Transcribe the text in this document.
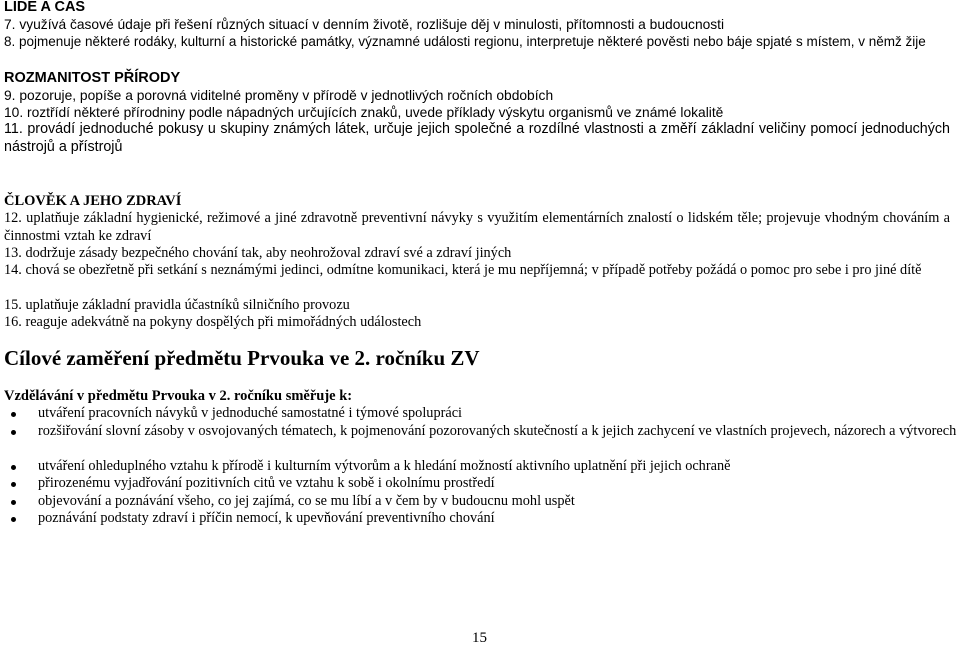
LIDÉ A ČAS
7. využívá časové údaje při řešení různých situací v denním životě, rozlišuje děj v minulosti, přítomnosti a budoucnosti
8. pojmenuje některé rodáky, kulturní a historické památky, významné události regionu, interpretuje některé pověsti nebo báje spjaté s místem, v němž žije
ROZMANITOST PŘÍRODY
9. pozoruje, popíše a porovná viditelné proměny v přírodě v jednotlivých ročních obdobích
10. roztřídí některé přírodniny podle nápadných určujících znaků, uvede příklady výskytu organismů ve známé lokalitě
11. provádí jednoduché pokusy u skupiny známých látek, určuje jejich společné a rozdílné vlastnosti a změří základní veličiny pomocí jednoduchých nástrojů a přístrojů
ČLOVĚK A JEHO ZDRAVÍ
12. uplatňuje základní hygienické, režimové a jiné zdravotně preventivní návyky s využitím elementárních znalostí o lidském těle; projevuje vhodným chováním a činnostmi vztah ke zdraví
13. dodržuje zásady bezpečného chování tak, aby neohrožoval zdraví své a zdraví jiných
14. chová se obezřetně při setkání s neznámými jedinci, odmítne komunikaci, která je mu nepříjemná; v případě potřeby požádá o pomoc pro sebe i pro jiné dítě
15. uplatňuje základní pravidla účastníků silničního provozu
16. reaguje adekvátně na pokyny dospělých při mimořádných událostech
Cílové zaměření předmětu Prvouka ve 2. ročníku ZV
Vzdělávání v předmětu Prvouka v 2. ročníku směřuje k:
utváření pracovních návyků v jednoduché samostatné i týmové spolupráci
rozšiřování slovní zásoby v osvojovaných tématech, k pojmenování pozorovaných skutečností a k jejich zachycení ve vlastních projevech, názorech a výtvorech
utváření ohleduplného vztahu k přírodě i kulturním výtvorům a k hledání možností aktivního uplatnění při jejich ochraně
přirozenému vyjadřování pozitivních citů ve vztahu k sobě i okolnímu prostředí
objevování a poznávání všeho, co jej zajímá, co se mu líbí a v čem by v budoucnu mohl uspět
poznávání podstaty zdraví i příčin nemocí, k upevňování preventivního chování
15
